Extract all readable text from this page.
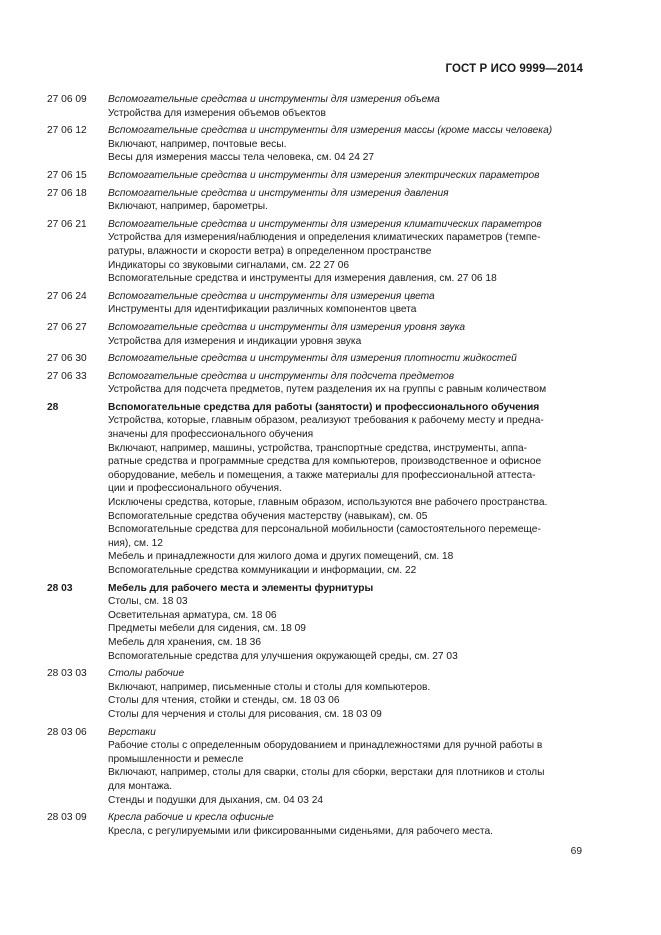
ГОСТ Р ИСО 9999—2014
27 06 09	Вспомогательные средства и инструменты для измерения объема
Устройства для измерения объемов объектов
27 06 12	Вспомогательные средства и инструменты для измерения массы (кроме массы человека)
Включают, например, почтовые весы.
Весы для измерения массы тела человека, см. 04 24 27
27 06 15	Вспомогательные средства и инструменты для измерения электрических параметров
27 06 18	Вспомогательные средства и инструменты для измерения давления
Включают, например, барометры.
27 06 21	Вспомогательные средства и инструменты для измерения климатических параметров
Устройства для измерения/наблюдения и определения климатических параметров (темпе-
ратуры, влажности и скорости ветра) в определенном пространстве
Индикаторы со звуковыми сигналами, см. 22 27 06
Вспомогательные средства и инструменты для измерения давления, см. 27 06 18
27 06 24	Вспомогательные средства и инструменты для измерения цвета
Инструменты для идентификации различных компонентов цвета
27 06 27	Вспомогательные средства и инструменты для измерения уровня звука
Устройства для измерения и индикации уровня звука
27 06 30	Вспомогательные средства и инструменты для измерения плотности жидкостей
27 06 33	Вспомогательные средства и инструменты для подсчета предметов
Устройства для подсчета предметов, путем разделения их на группы с равным количеством
28	Вспомогательные средства для работы (занятости) и профессионального обучения
Устройства, которые, главным образом, реализуют требования к рабочему месту и предна-
значены для профессионального обучения
Включают, например, машины, устройства, транспортные средства, инструменты, аппа-
ратные средства и программные средства для компьютеров, производственное и офисное
оборудование, мебель и помещения, а также материалы для профессиональной аттеста-
ции и профессионального обучения.
Исключены средства, которые, главным образом, используются вне рабочего пространства.
Вспомогательные средства обучения мастерству (навыкам), см. 05
Вспомогательные средства для персональной мобильности (самостоятельного перемеще-
ния), см. 12
Мебель и принадлежности для жилого дома и других помещений, см. 18
Вспомогательные средства коммуникации и информации, см. 22
28 03	Мебель для рабочего места и элементы фурнитуры
Столы, см. 18 03
Осветительная арматура, см. 18 06
Предметы мебели для сидения, см. 18 09
Мебель для хранения, см. 18 36
Вспомогательные средства для улучшения окружающей среды, см. 27 03
28 03 03	Столы рабочие
Включают, например, письменные столы и столы для компьютеров.
Столы для чтения, стойки и стенды, см. 18 03 06
Столы для черчения и столы для рисования, см. 18 03 09
28 03 06	Верстаки
Рабочие столы с определенным оборудованием и принадлежностями для ручной работы в
промышленности и ремесле
Включают, например, столы для сварки, столы для сборки, верстаки для плотников и столы
для монтажа.
Стенды и подушки для дыхания, см. 04 03 24
28 03 09	Кресла рабочие и кресла офисные
Кресла, с регулируемыми или фиксированными сиденьями, для рабочего места.
69
